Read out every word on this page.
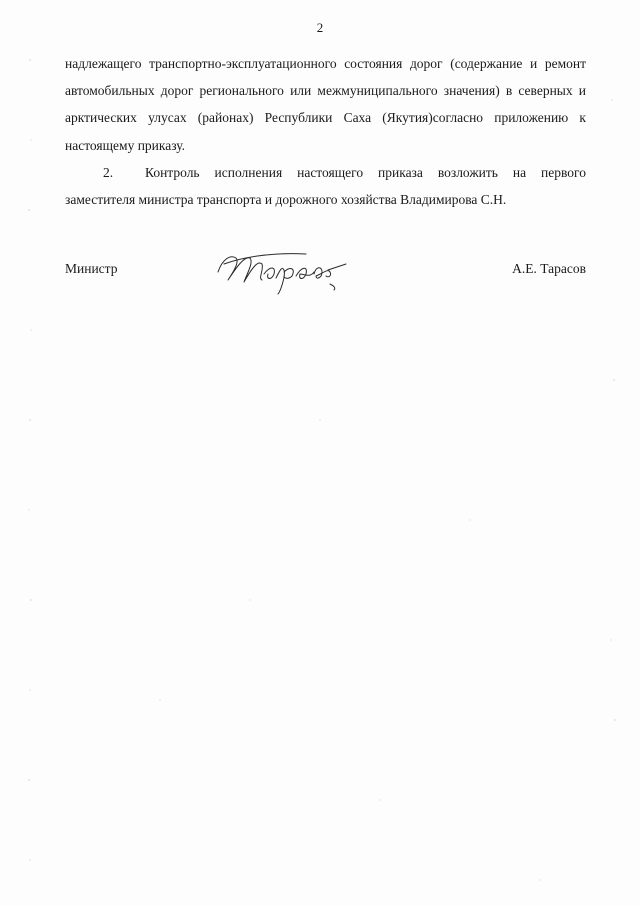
2

надлежащего транспортно-эксплуатационного состояния дорог (содержание и ремонт автомобильных дорог регионального или межмуниципального значения) в северных и арктических улусах (районах) Республики Саха (Якутия)согласно приложению к настоящему приказу.

2. Контроль исполнения настоящего приказа возложить на первого заместителя министра транспорта и дорожного хозяйства Владимирова С.Н.

Министр	А.Е. Тарасов
